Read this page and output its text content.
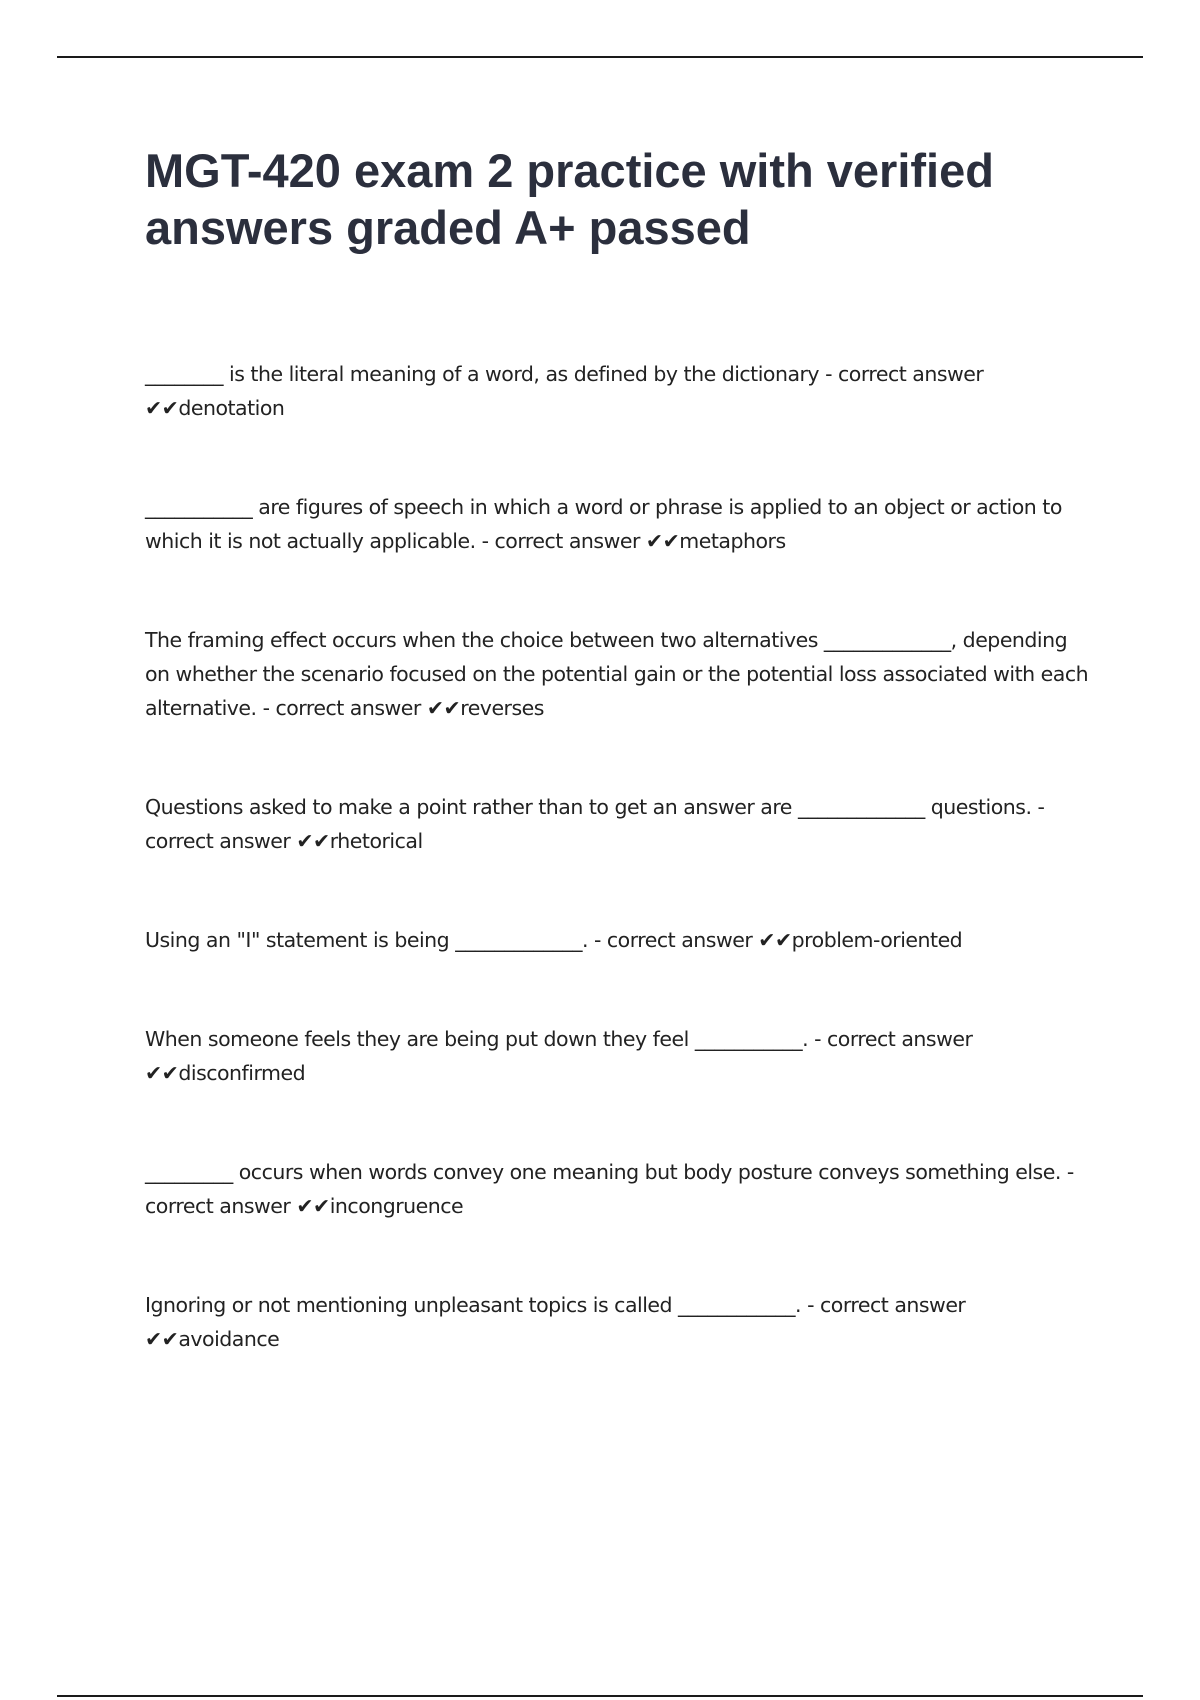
MGT-420 exam 2 practice with verified answers graded A+ passed
________ is the literal meaning of a word, as defined by the dictionary - correct answer ✔✔denotation
___________ are figures of speech in which a word or phrase is applied to an object or action to which it is not actually applicable. - correct answer ✔✔metaphors
The framing effect occurs when the choice between two alternatives _____________, depending on whether the scenario focused on the potential gain or the potential loss associated with each alternative. - correct answer ✔✔reverses
Questions asked to make a point rather than to get an answer are _____________ questions. - correct answer ✔✔rhetorical
Using an "I" statement is being _____________. - correct answer ✔✔problem-oriented
When someone feels they are being put down they feel ___________. - correct answer ✔✔disconfirmed
_________ occurs when words convey one meaning but body posture conveys something else. - correct answer ✔✔incongruence
Ignoring or not mentioning unpleasant topics is called ____________. - correct answer ✔✔avoidance
